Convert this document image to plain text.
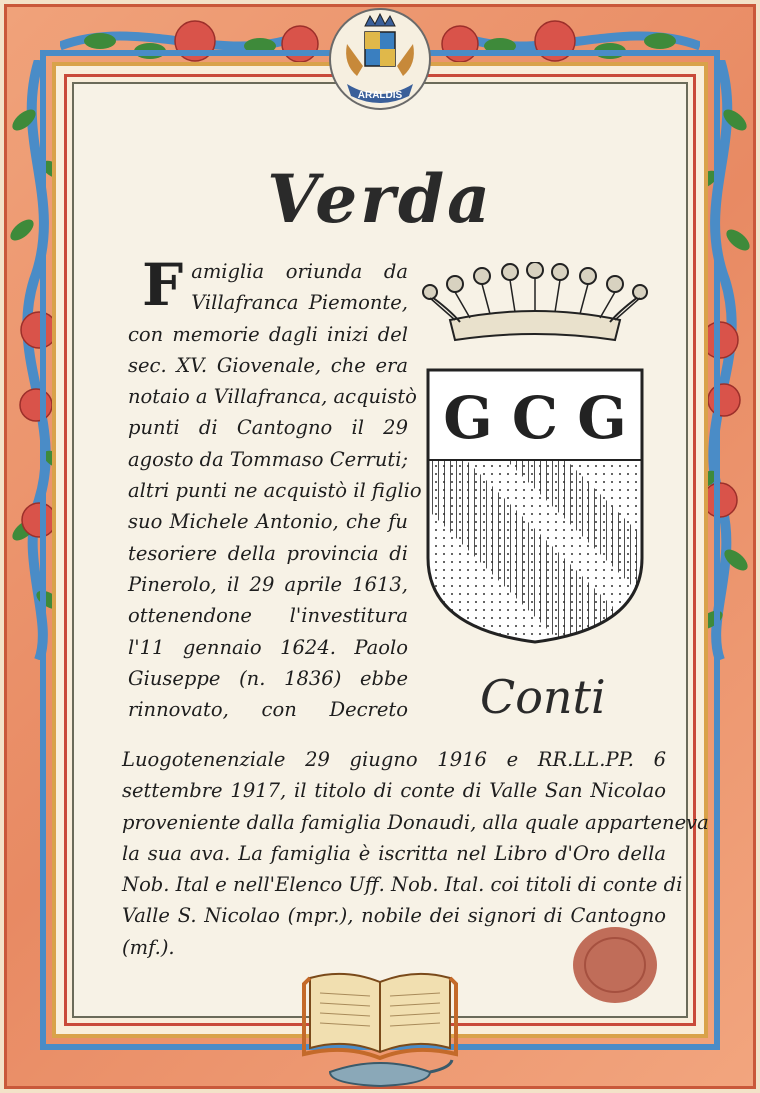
ARALDIS
Verda
G C G
Conti
F amiglia oriunda da
Villafranca Piemonte,
con memorie dagli inizi del
sec. XV. Giovenale, che era
notaio a Villafranca, acquistò
punti di Cantogno il 29
agosto da Tommaso Cerruti;
altri punti ne acquistò il figlio
suo Michele Antonio, che fu
tesoriere della provincia di
Pinerolo, il 29 aprile 1613,
ottenendone l'investitura
l'11 gennaio 1624. Paolo
Giuseppe (n. 1836) ebbe
rinnovato, con Decreto
Luogotenenziale 29 giugno 1916 e RR.LL.PP. 6
settembre 1917, il titolo di conte di Valle San Nicolao
proveniente dalla famiglia Donaudi, alla quale apparteneva
la sua ava. La famiglia è iscritta nel Libro d'Oro della
Nob. Ital e nell'Elenco Uff. Nob. Ital. coi titoli di conte di
Valle S. Nicolao (mpr.), nobile dei signori di Cantogno
(mf.).
